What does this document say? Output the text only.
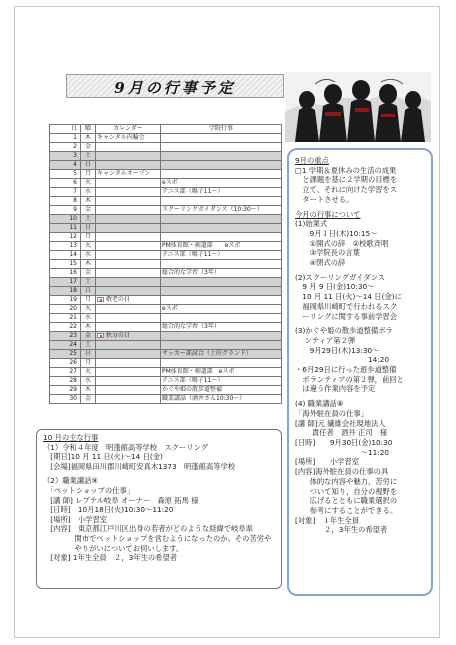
9月の行事予定
日	曜	カレンダー	学院行事
1	木	キャンタル内輪会	
2	金		
3	土		
4	日		
5	月	キャンタルオープン	
6	火		eスポ
7	水		テニス部（鳴子11～）
8	木		
9	金		スクーリングガイダンス（10:30～）
10	土		
11	日		
12	月		
13	火		PM体育館・剣道部　　eスポ
14	水		テニス部（鳴子11～）
15	木		
16	金		総合的な学習（3年）
17	土		
18	日		
19	月	敬老の日	
20	火		eスポ
21	水		
22	木		総合的な学習（3年）
23	金	秋分の日	
24	土		
25	日		サッカー部試合（土田グランド）
26	月		
27	火		PM体育館・剣道部　eスポ
28	水		テニス部（鳴子11～）
29	木		かぐや姫の散歩道整備
30	金		職業講話（酒井さん10:30～）

10 月の主な行事

（1）令和４年度　明蓬館高等学校　スクーリング

　[期日]10 月 11 日(火)～14 日(金)

　[会場]福岡県田川郡川崎町安真木1373　明蓬館高等学校

（2）職業講話⑨

　「ペットショップの仕事」

　[講 師] レプテル岐阜 オーナー　森原 拓馬 様

　[日時]　10月18日(火)10:30～11:20

　[場所]　小学習室

　[内容]　東京都江戸川区出身の若者がどのような経緯で岐阜県

　　　　 関市でペットショップを営むようになったのか。その苦労や

　　　　 やりがいについてお伺いします。

　[対象] 1年生全員　２，3年生の希望者

9月の重点

□1 学期＆夏休みの生活の成果

　と課題を基に２学期の目標を

　立て、それに向けた学習をス

　タートさせる。

今月の行事について

(1)始業式

　　9月１日(木)10:15～

　　①開式の辞　②校歌斉唱

　　③学院長の言葉

　　④閉式の辞

(2)スクーリングガイダンス

　9 月 9 日(金)10:30～

　10 月 11 日(火)～14 日(金)に

　福岡県川崎町で行われるスク

　ーリングに関する事前学習会

(3)かぐや姫の散歩道整備ボラ

　 ンティア第２弾

　　9月29日(木)13:30～

　　　　　　　　　　14:20

・6月29日に行った遊歩道整備

　ボランティアの第２弾，前回と

　は違う作業内容を予定

(4) 職業講話⑧

「海外駐在員の仕事」

[講 師]元 繊維会社現地法人

　　 責任者　酒井 正司　様

[日時]　　9月30日(金)10:30

　　　　　　　　　～11:20

[場所]　　小学習室

[内容]海外駐在員の仕事の具

　　体的な内容や魅力，苦労に

　　ついて知り，自分の視野を

　　広げるとともに職業選択の

　　参考にすることができる。

[対象]　１年生全員

　　　　２，3年生の希望者
